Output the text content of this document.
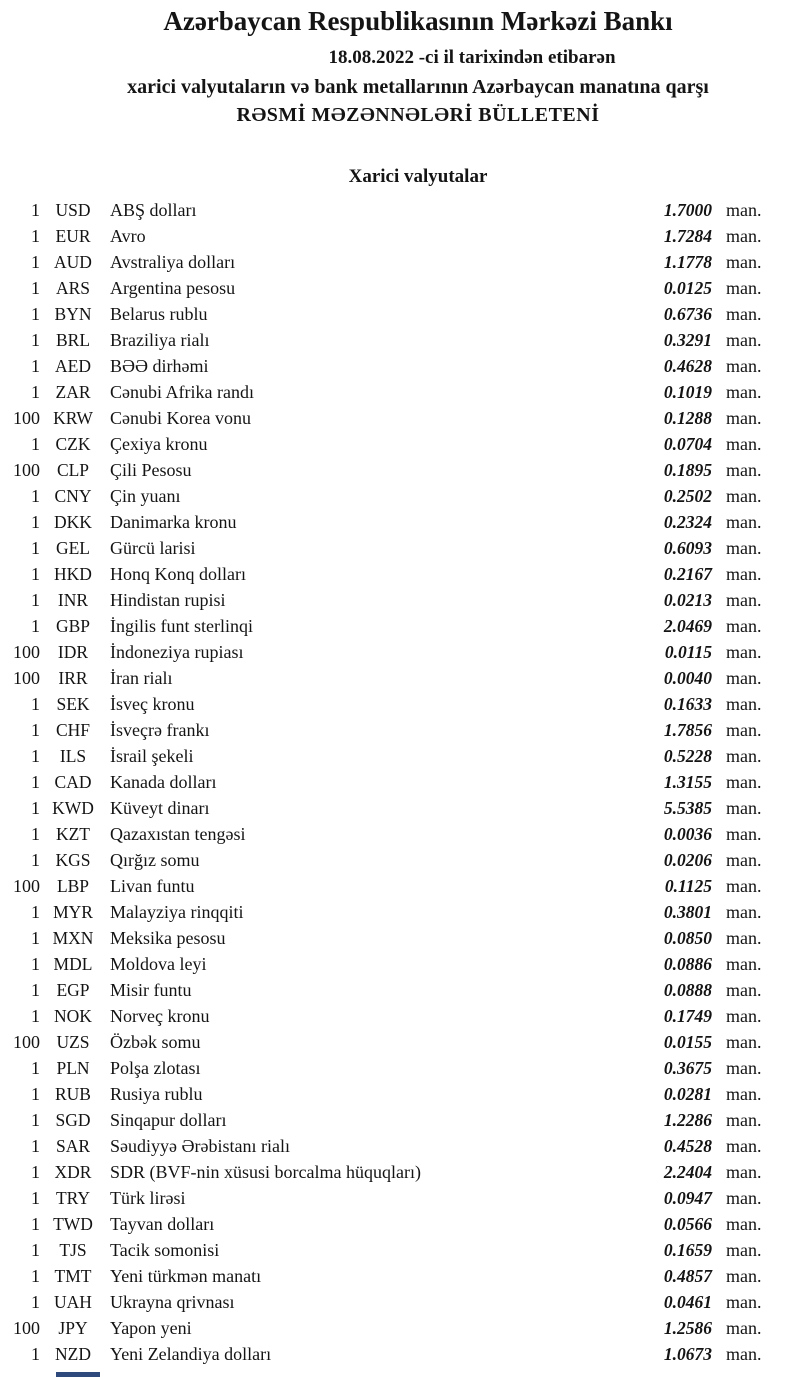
Azərbaycan Respublikasının Mərkəzi Bankı
18.08.2022 -ci il tarixindən etibarən
xarici valyutaların və bank metallarının Azərbaycan manatına qarşı
RƏSMİ MƏZƏNNƏLƏRİ BÜLLETENİ
Xarici valyutalar
1 USD	ABŞ dolları	1.7000 man.
1 EUR	Avro	1.7284 man.
1 AUD	Avstraliya dolları	1.1778 man.
1 ARS	Argentina pesosu	0.0125 man.
1 BYN	Belarus rublu	0.6736 man.
1 BRL	Braziliya rialı	0.3291 man.
1 AED	BƏƏ dirhəmi	0.4628 man.
1 ZAR	Cənubi Afrika randı	0.1019 man.
100 KRW Cənubi Korea vonu	0.1288 man.
1 CZK	Çexiya kronu	0.0704 man.
100 CLP	Çili Pesosu	0.1895 man.
1 CNY	Çin yuanı	0.2502 man.
1 DKK	Danimarka kronu	0.2324 man.
1 GEL	Gürcü larisi	0.6093 man.
1 HKD	Honq Konq dolları	0.2167 man.
1	INR	Hindistan rupisi	0.0213 man.
1 GBP	İngilis funt sterlinqi	2.0469 man.
100	IDR	İndoneziya rupiası	0.0115 man.
100	IRR	İran rialı	0.0040 man.
1 SEK	İsveç kronu	0.1633 man.
1 CHF	İsveçrə frankı	1.7856 man.
1	ILS	İsrail şekeli	0.5228 man.
1 CAD	Kanada dolları	1.3155 man.
1 KWD Küveyt dinarı	5.5385 man.
1 KZT	Qazaxıstan tengəsi	0.0036 man.
1 KGS	Qırğız somu	0.0206 man.
100 LBP	Livan funtu	0.1125 man.
1 MYR Malayziya rinqqiti	0.3801 man.
1 MXN Meksika pesosu	0.0850 man.
1 MDL Moldova leyi	0.0886 man.
1 EGP	Misir funtu	0.0888 man.
1 NOK	Norveç kronu	0.1749 man.
100 UZS	Özbək somu	0.0155 man.
1 PLN	Polşa zlotası	0.3675 man.
1 RUB	Rusiya rublu	0.0281 man.
1 SGD	Sinqapur dolları	1.2286 man.
1 SAR	Səudiyyə Ərəbistanı rialı	0.4528 man.
1 XDR	SDR (BVF-nin xüsusi borcalma hüquqları)	2.2404 man.
1 TRY	Türk lirəsi	0.0947 man.
1 TWD Tayvan dolları	0.0566 man.
1	TJS	Tacik somonisi	0.1659 man.
1 TMT	Yeni türkmən manatı	0.4857 man.
1 UAH	Ukrayna qrivnası	0.0461 man.
100	JPY	Yapon yeni	1.2586 man.
1 NZD	Yeni Zelandiya dolları	1.0673 man.
